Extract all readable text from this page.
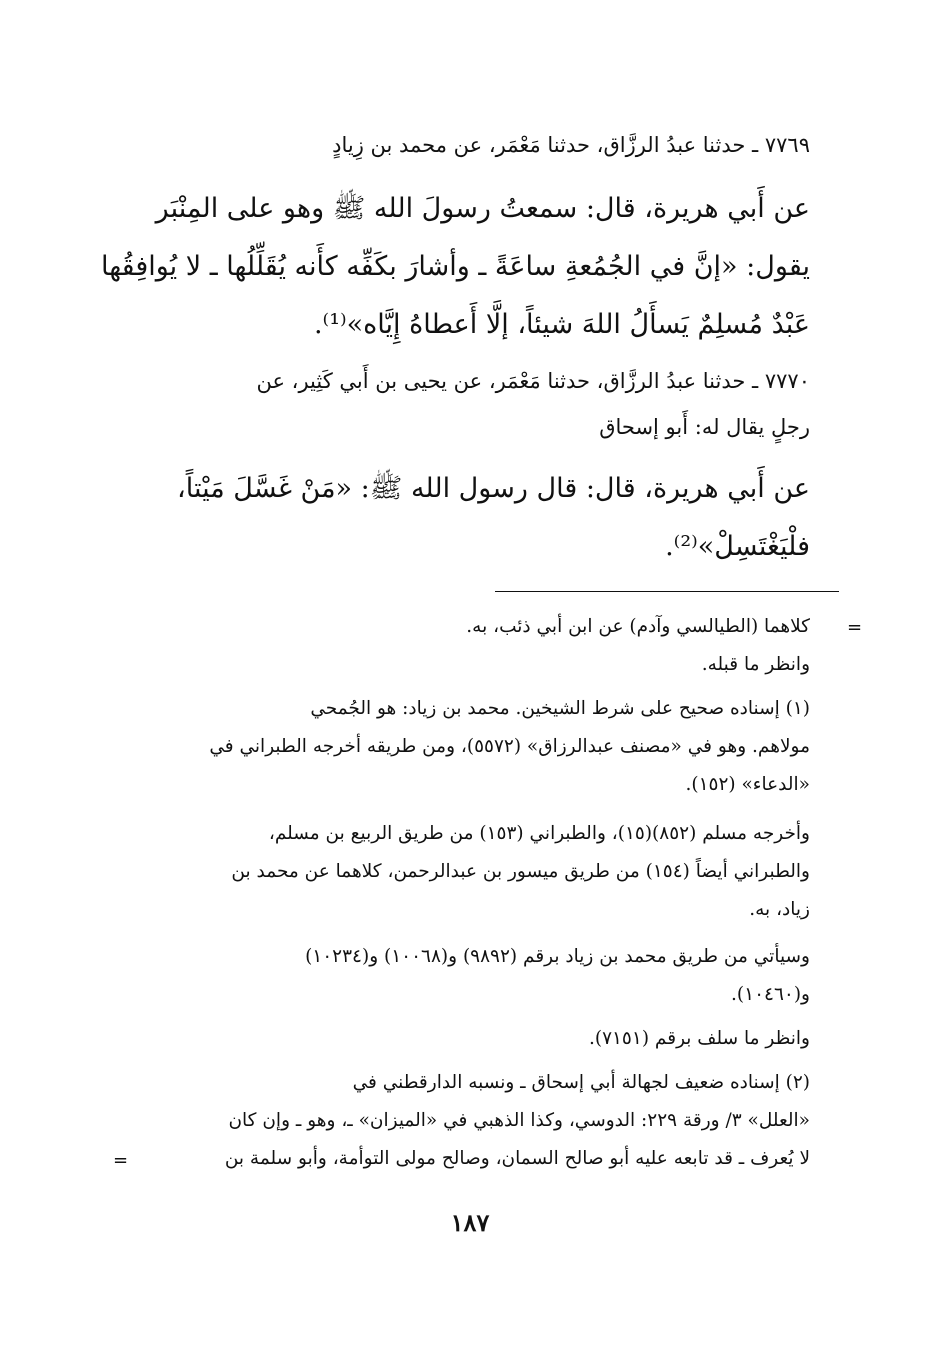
٧٧٦٩ ـ حدثنا عبدُ الرزَّاق، حدثنا مَعْمَر، عن محمد بن زِيادٍ
عن أَبي هريرة، قال: سمعتُ رسولَ الله ﷺ وهو على المِنْبَر
يقول: «إنَّ في الجُمُعةِ ساعَةً ـ وأشارَ بكَفِّه كأَنه يُقَلِّلُها ـ لا يُوافِقُها
عَبْدٌ مُسلِمٌ يَسأَلُ اللهَ شيئاً، إلَّا أَعطاهُ إِيَّاه»⁽¹⁾.
٧٧٧٠ ـ حدثنا عبدُ الرزَّاق، حدثنا مَعْمَر، عن يحيى بن أَبي كَثِير، عن
رجلٍ يقال له: أَبو إسحاق
عن أَبي هريرة، قال: قال رسول الله ﷺ: «مَنْ غَسَّلَ مَيْتاً،
فلْيَغْتَسِلْ»⁽²⁾.
=
كلاهما (الطيالسي وآدم) عن ابن أبي ذئب، به.
وانظر ما قبله.
(١) إسناده صحيح على شرط الشيخين. محمد بن زياد: هو الجُمحي
مولاهم. وهو في «مصنف عبدالرزاق» (٥٥٧٢)، ومن طريقه أخرجه الطبراني في
«الدعاء» (١٥٢).
وأخرجه مسلم (٨٥٢)(١٥)، والطبراني (١٥٣) من طريق الربيع بن مسلم،
والطبراني أيضاً (١٥٤) من طريق ميسور بن عبدالرحمن، كلاهما عن محمد بن
زياد، به.
وسيأتي من طريق محمد بن زياد برقم (٩٨٩٢) و(١٠٠٦٨) و(١٠٢٣٤)
و(١٠٤٦٠).
وانظر ما سلف برقم (٧١٥١).
(٢) إسناده ضعيف لجهالة أبي إسحاق ـ ونسبه الدارقطني في
«العلل» ٣/ ورقة ٢٢٩: الدوسي، وكذا الذهبي في «الميزان» ـ، وهو ـ وإن كان
لا يُعرف ـ قد تابعه عليه أبو صالح السمان، وصالح مولى التوأمة، وأبو سلمة بن
=
١٨٧
